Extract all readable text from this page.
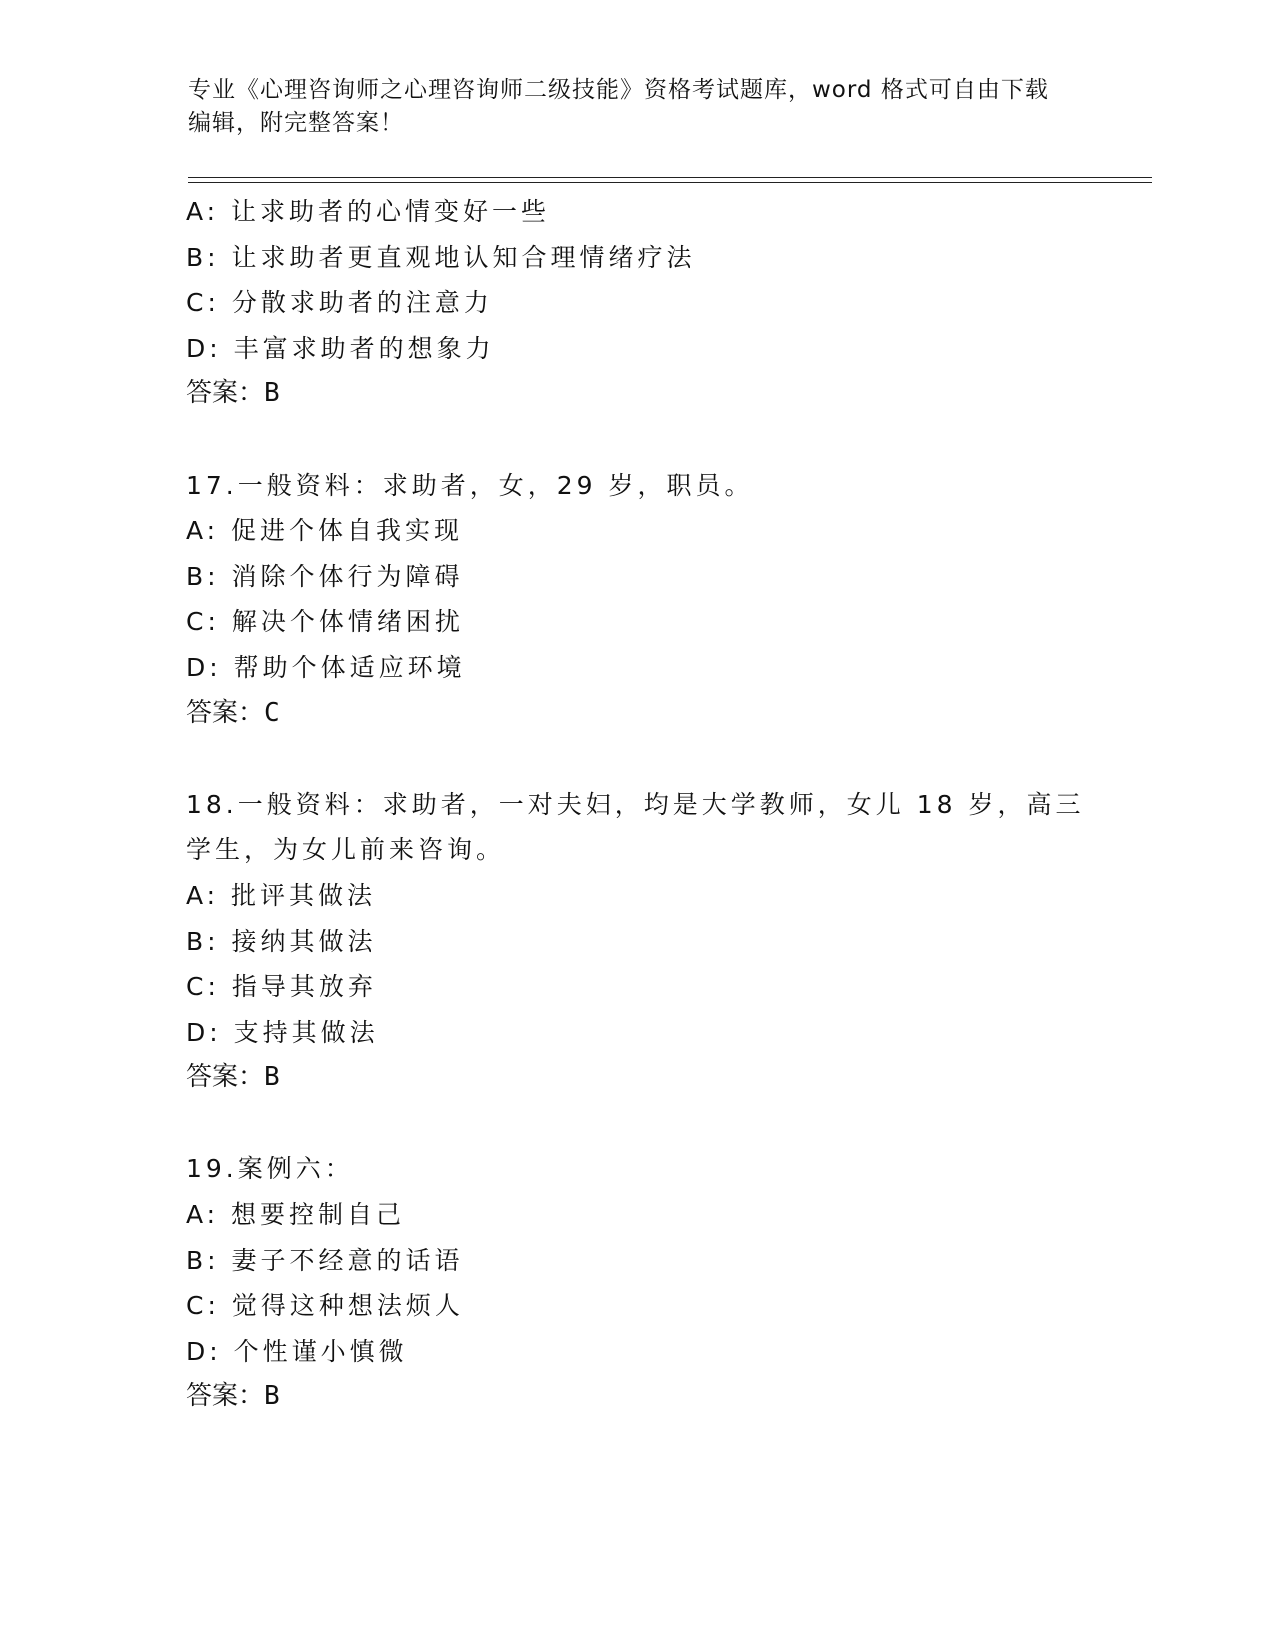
专业《心理咨询师之心理咨询师二级技能》资格考试题库，word 格式可自由下载
编辑，附完整答案！
A: 让求助者的心情变好一些
B: 让求助者更直观地认知合理情绪疗法
C: 分散求助者的注意力
D: 丰富求助者的想象力
答案：B
17.一般资料：求助者，女，29 岁，职员。
A: 促进个体自我实现
B: 消除个体行为障碍
C: 解决个体情绪困扰
D: 帮助个体适应环境
答案：C
18.一般资料：求助者，一对夫妇，均是大学教师，女儿 18 岁，高三
学生，为女儿前来咨询。
A: 批评其做法
B: 接纳其做法
C: 指导其放弃
D: 支持其做法
答案：B
19.案例六：
A: 想要控制自己
B: 妻子不经意的话语
C: 觉得这种想法烦人
D: 个性谨小慎微
答案：B
